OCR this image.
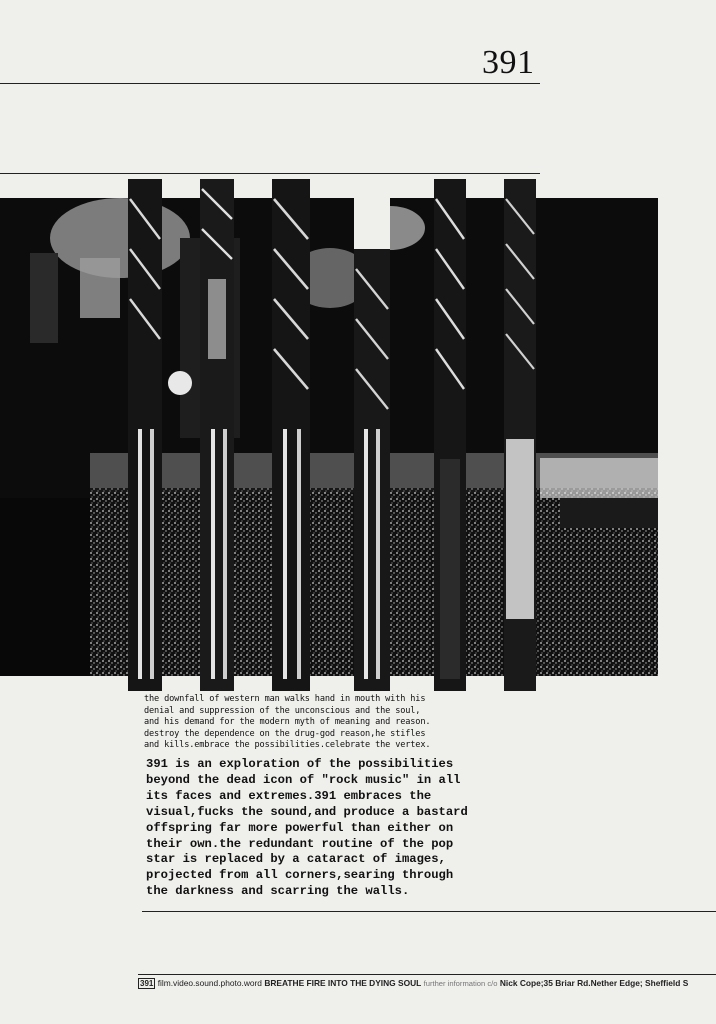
391

the downfall of western man walks hand in mouth with his

denial and suppression of the unconscious and the soul,

and his demand for the modern myth of meaning and reason.

destroy the dependence on the drug-god reason,he stifles

and kills.embrace the possibilities.celebrate the vertex.

391 is an exploration of the possibilities

beyond the dead icon of "rock music" in all

its faces and extremes.391 embraces the

visual,fucks the sound,and produce a bastard

offspring far more powerful than either on

their own.the redundant routine of the pop

star is replaced by a cataract of images,

projected from all corners,searing through

the darkness and scarring the walls.

391 film.video.sound.photo.word BREATHE FIRE INTO THE DYING SOUL further information c/o Nick Cope;35 Briar Rd.Nether Edge; Sheffield S
